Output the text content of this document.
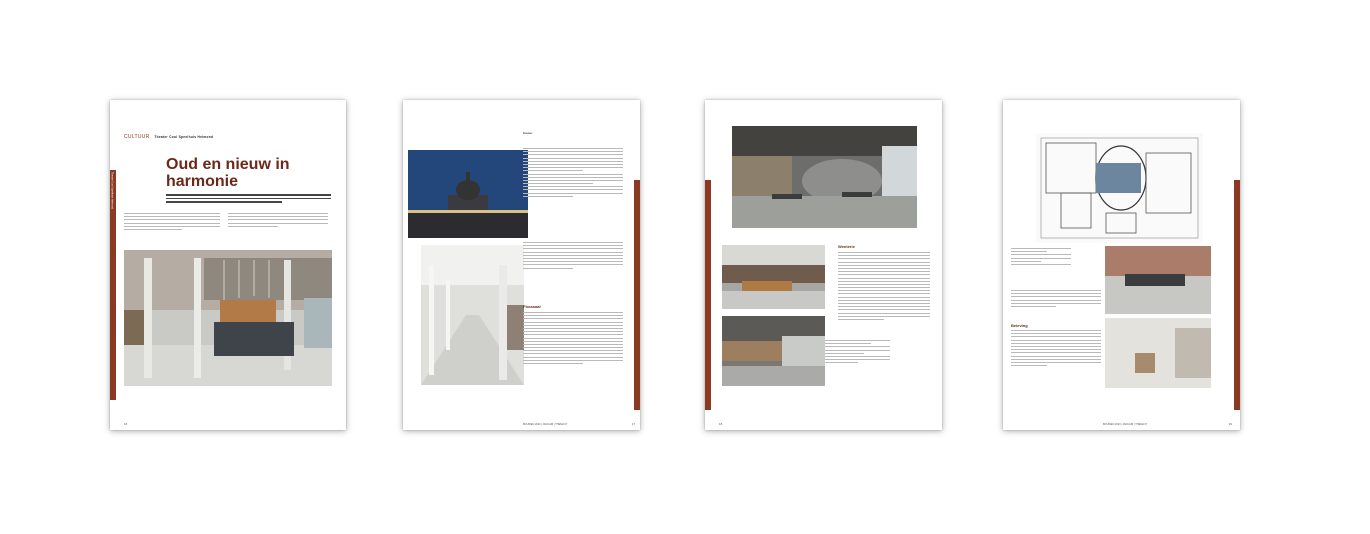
Theater Cool Speelhuis Helmond
CULTUUR Theater Cool Speelhuis Helmond
Oud en nieuw in
harmonie
16
Bouwer
Florasaal
BOUWEN 2023 | JANUARI | THEMA 07	17
Wenterie
18
Beleving
BOUWEN 2023 | JANUARI | THEMA 07	19
